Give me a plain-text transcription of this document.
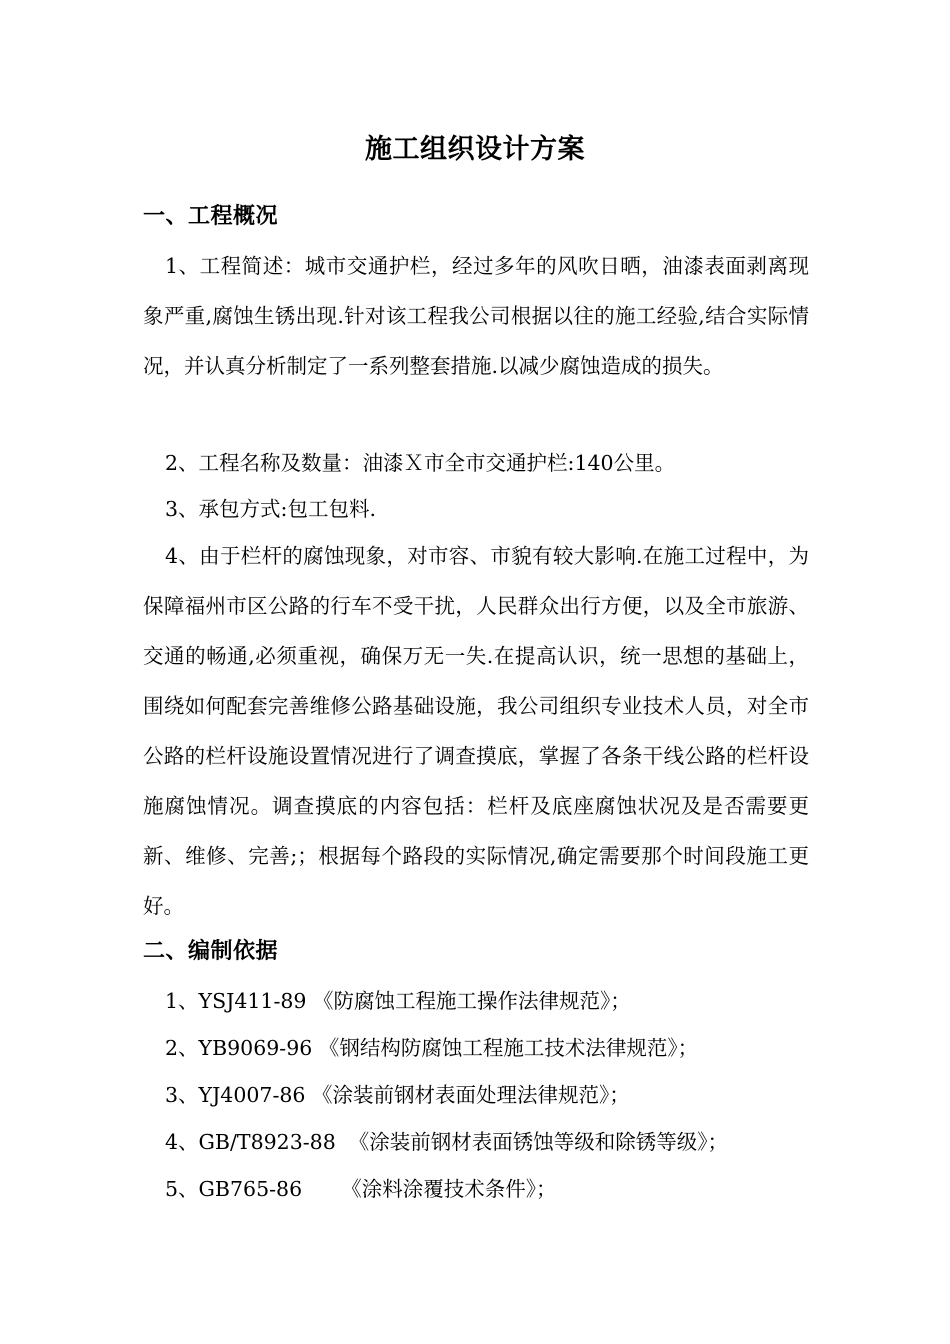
施工组织设计方案
一、工程概况
1、工程简述：城市交通护栏，经过多年的风吹日晒，油漆表面剥离现象严重,腐蚀生锈出现.针对该工程我公司根据以往的施工经验,结合实际情况，并认真分析制定了一系列整套措施.以减少腐蚀造成的损失。
2、工程名称及数量：油漆Ｘ市全市交通护栏:140公里。
3、承包方式:包工包料.
4、由于栏杆的腐蚀现象，对市容、市貌有较大影响.在施工过程中，为保障福州市区公路的行车不受干扰，人民群众出行方便，以及全市旅游、交通的畅通,必须重视，确保万无一失.在提高认识，统一思想的基础上，围绕如何配套完善维修公路基础设施，我公司组织专业技术人员，对全市公路的栏杆设施设置情况进行了调查摸底，掌握了各条干线公路的栏杆设施腐蚀情况。调查摸底的内容包括：栏杆及底座腐蚀状况及是否需要更新、维修、完善;；根据每个路段的实际情况,确定需要那个时间段施工更好。
二、编制依据
1、YSJ411-89 《防腐蚀工程施工操作法律规范》；
2、YB9069-96 《钢结构防腐蚀工程施工技术法律规范》；
3、YJ4007-86 《涂装前钢材表面处理法律规范》；
4、GB/T8923-88  《涂装前钢材表面锈蚀等级和除锈等级》；
5、GB765-86      《涂料涂覆技术条件》；
